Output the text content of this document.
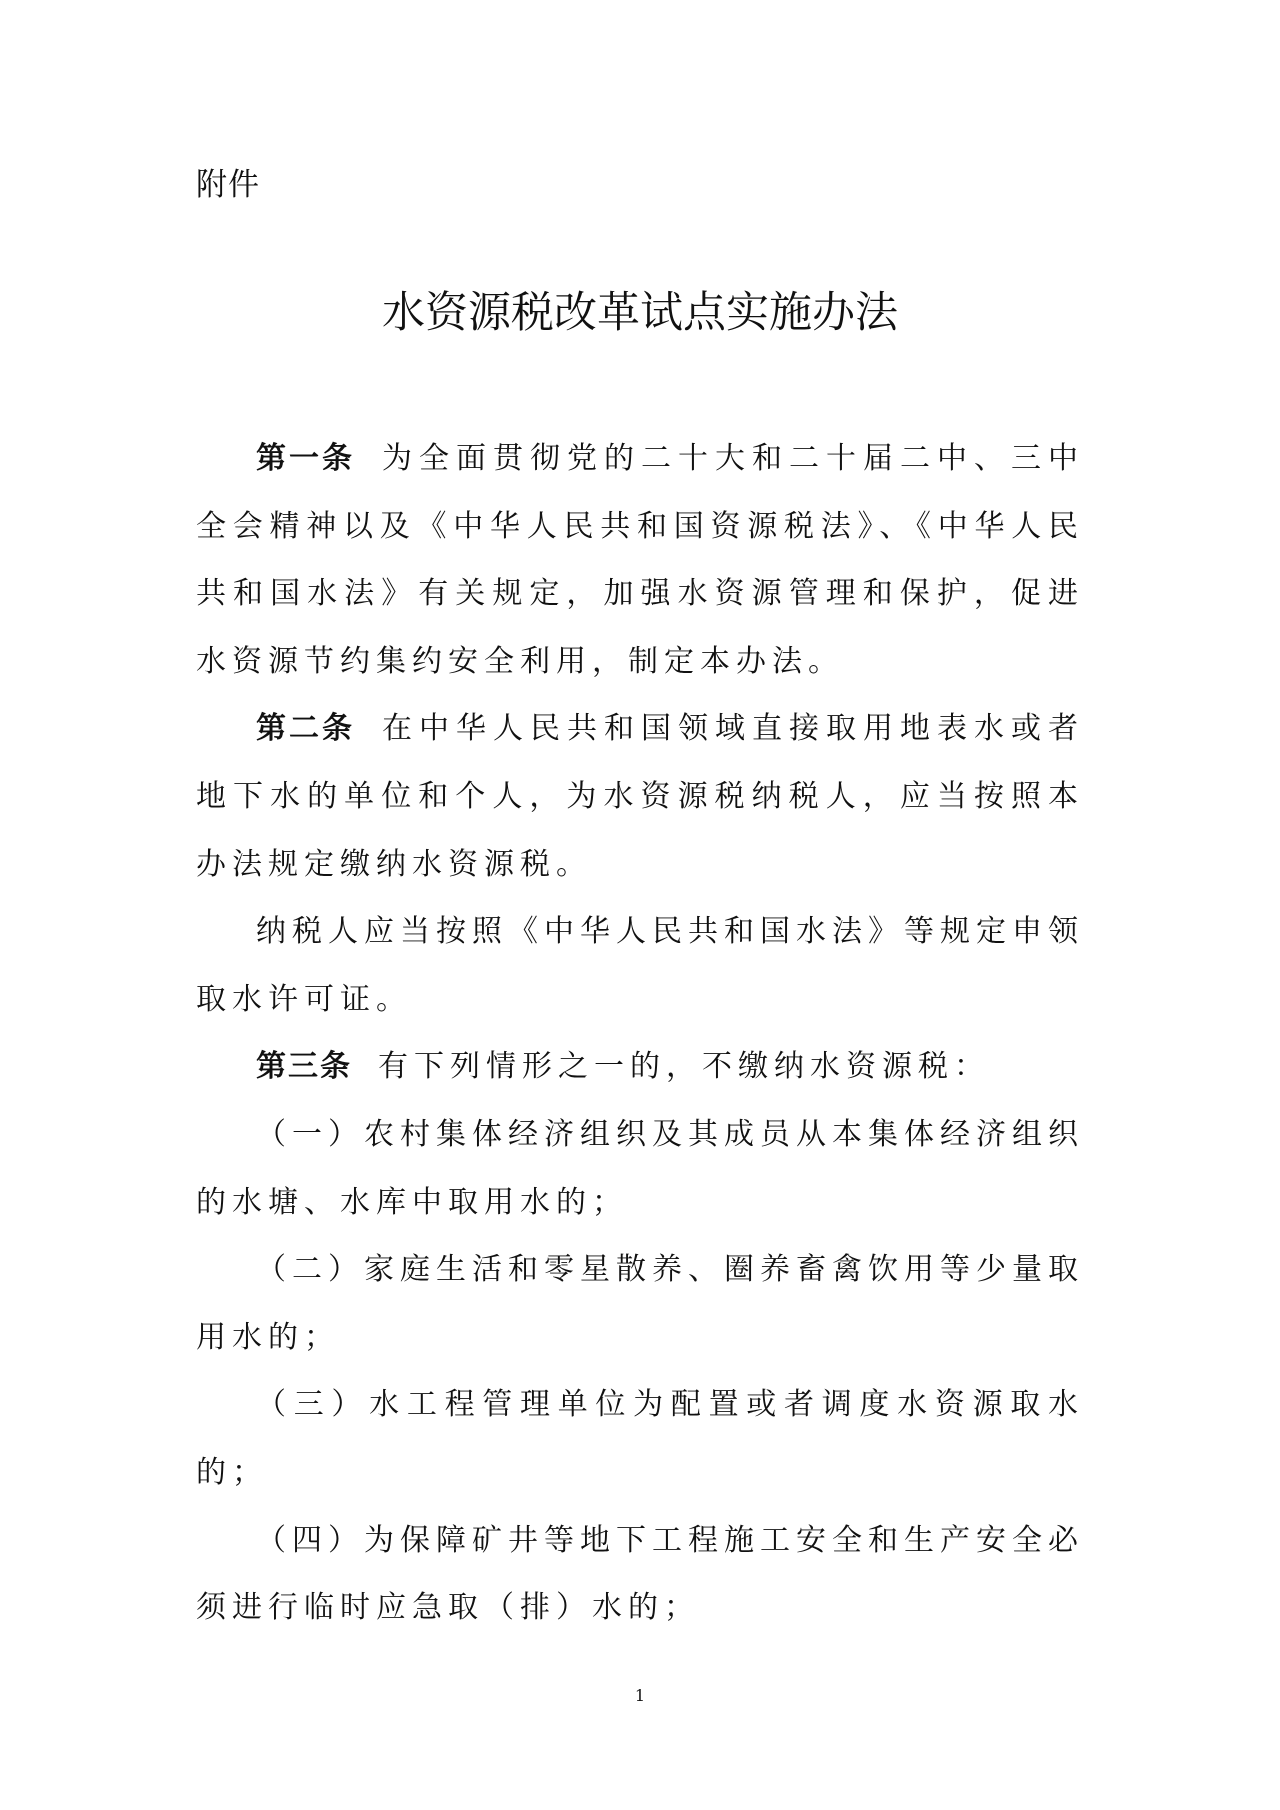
附件
水资源税改革试点实施办法

第一条 为全面贯彻党的二十大和二十届二中、三中全会精神以及《中华人民共和国资源税法》、《中华人民共和国水法》有关规定，加强水资源管理和保护，促进水资源节约集约安全利用，制定本办法。

第二条 在中华人民共和国领域直接取用地表水或者地下水的单位和个人，为水资源税纳税人，应当按照本办法规定缴纳水资源税。

纳税人应当按照《中华人民共和国水法》等规定申领取水许可证。

第三条 有下列情形之一的，不缴纳水资源税：

（一）农村集体经济组织及其成员从本集体经济组织的水塘、水库中取用水的；

（二）家庭生活和零星散养、圈养畜禽饮用等少量取用水的；

（三）水工程管理单位为配置或者调度水资源取水的；

（四）为保障矿井等地下工程施工安全和生产安全必须进行临时应急取（排）水的；

1
